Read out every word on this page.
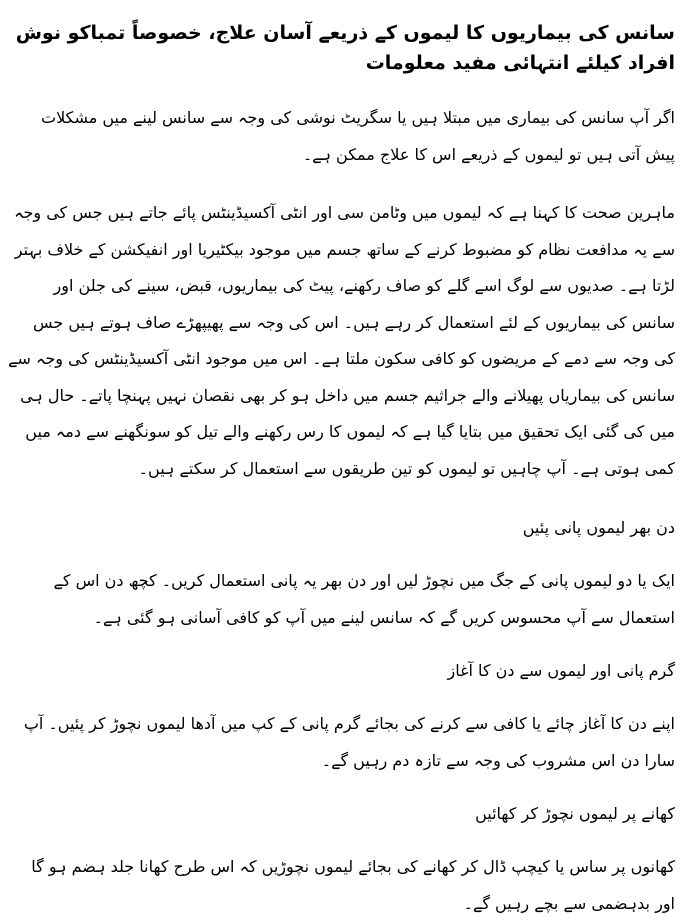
سانس کی بیماریوں کا لیموں کے ذریعے آسان علاج، خصوصاً تمباکو نوش افراد کیلئے انتہائی مفید معلومات

اگر آپ سانس کی بیماری میں مبتلا ہیں یا سگریٹ نوشی کی وجہ سے سانس لینے میں مشکلات پیش آتی ہیں تو لیموں کے ذریعے اس کا علاج ممکن ہے۔

ماہرین صحت کا کہنا ہے کہ لیموں میں وٹامن سی اور انٹی آکسیڈینٹس پائے جاتے ہیں جس کی وجہ سے یہ مدافعت نظام کو مضبوط کرنے کے ساتھ جسم میں موجود بیکٹیریا اور انفیکشن کے خلاف بہتر لڑتا ہے۔ صدیوں سے لوگ اسے گلے کو صاف رکھنے، پیٹ کی بیماریوں، قبض، سینے کی جلن اور سانس کی بیماریوں کے لئے استعمال کر رہے ہیں۔ اس کی وجہ سے پھیپھڑے صاف ہوتے ہیں جس کی وجہ سے دمے کے مریضوں کو کافی سکون ملتا ہے۔ اس میں موجود انٹی آکسیڈینٹس کی وجہ سے سانس کی بیماریاں پھیلانے والے جراثیم جسم میں داخل ہو کر بھی نقصان نہیں پہنچا پاتے۔ حال ہی میں کی گئی ایک تحقیق میں بتایا گیا ہے کہ لیموں کا رس رکھنے والے تیل کو سونگھنے سے دمہ میں کمی ہوتی ہے۔ آپ چاہیں تو لیموں کو تین طریقوں سے استعمال کر سکتے ہیں۔

دن بھر لیموں پانی پئیں

ایک یا دو لیموں پانی کے جگ میں نچوڑ لیں اور دن بھر یہ پانی استعمال کریں۔ کچھ دن اس کے استعمال سے آپ محسوس کریں گے کہ سانس لینے میں آپ کو کافی آسانی ہو گئی ہے۔

گرم پانی اور لیموں سے دن کا آغاز

اپنے دن کا آغاز چائے یا کافی سے کرنے کی بجائے گرم پانی کے کپ میں آدھا لیموں نچوڑ کر پئیں۔ آپ سارا دن اس مشروب کی وجہ سے تازہ دم رہیں گے۔

کھانے پر لیموں نچوڑ کر کھائیں

کھانوں پر ساس یا کیچپ ڈال کر کھانے کی بجائے لیموں نچوڑیں کہ اس طرح کھانا جلد ہضم ہو گا اور بدہضمی سے بچے رہیں گے۔
